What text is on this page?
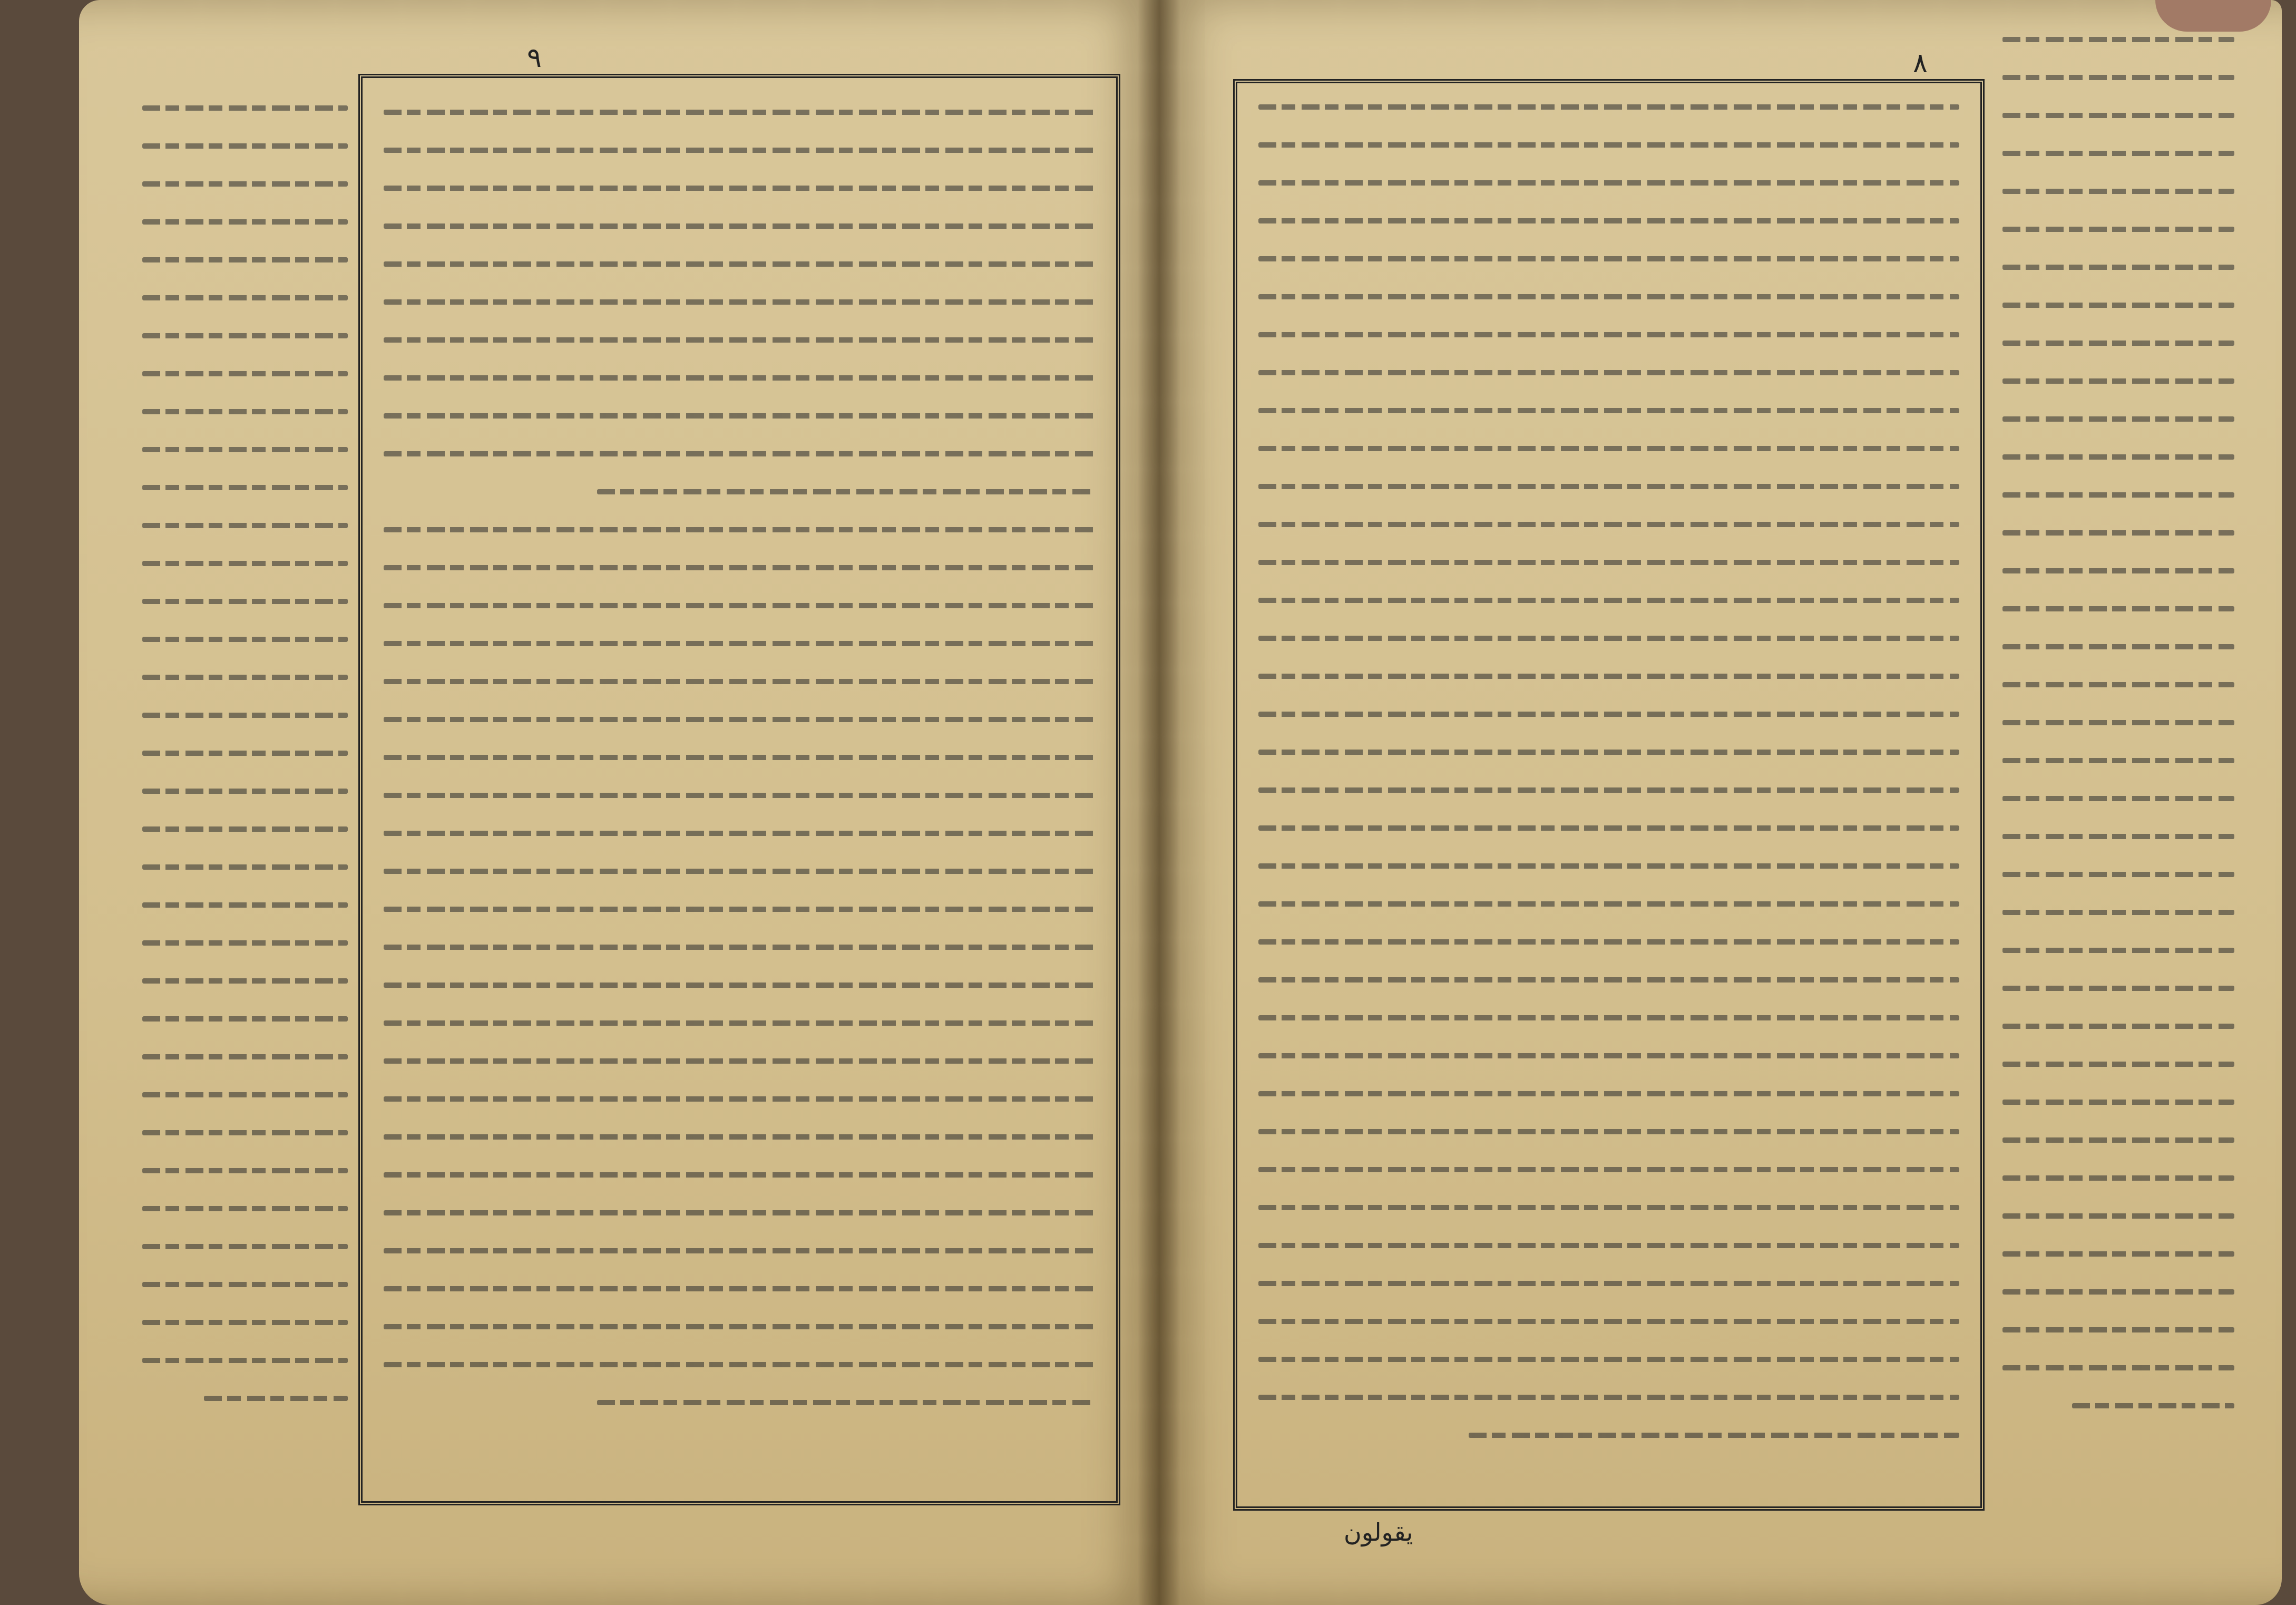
٩	٨
يقولون
